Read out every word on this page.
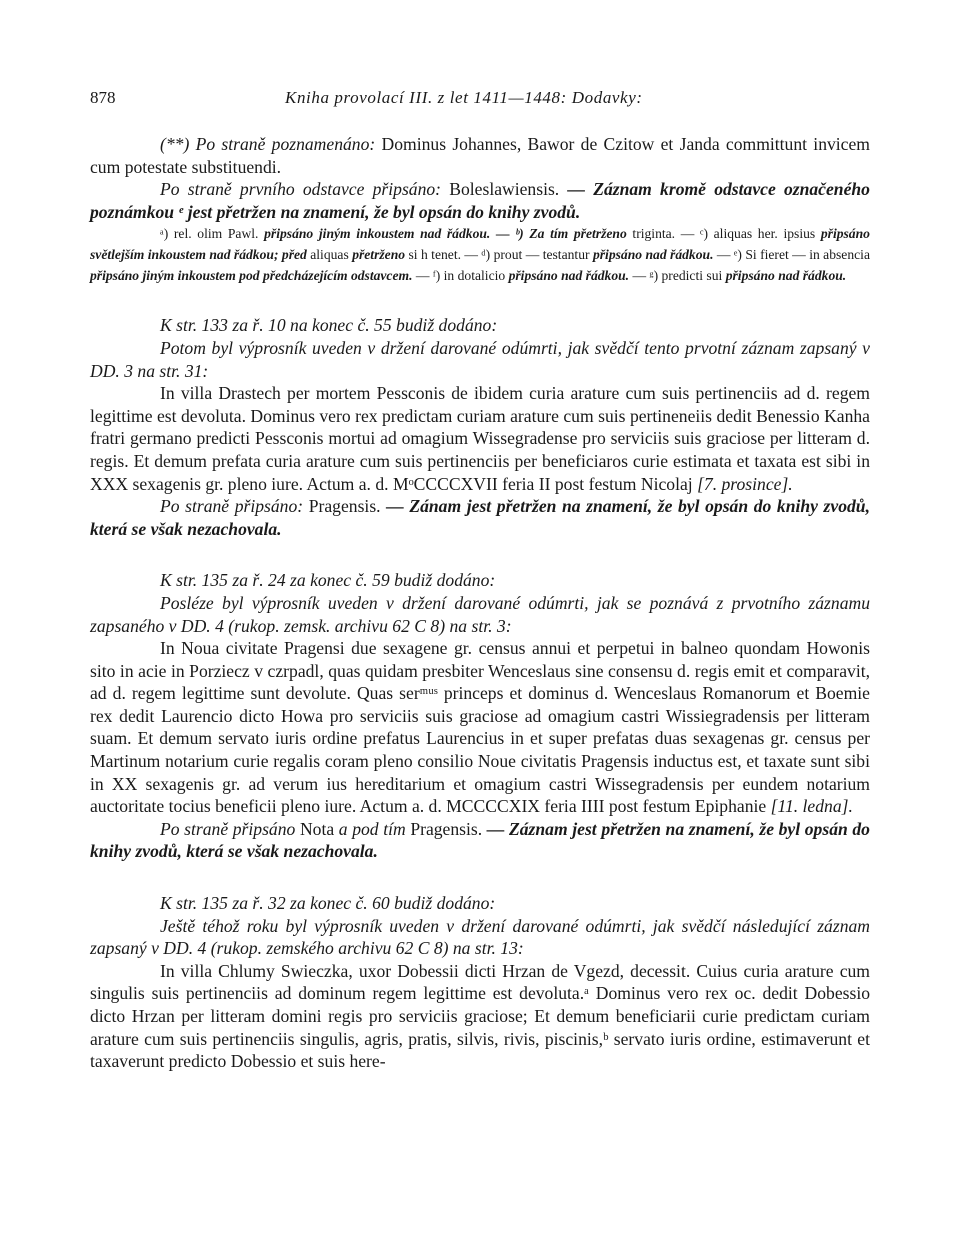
878	Kniha provolací III. z let 1411—1448: Dodavky:

(**) Po straně poznamenáno: Dominus Johannes, Bawor de Czitow et Janda committunt invicem cum potestate substituendi.

Po straně prvního odstavce připsáno: Boleslawiensis. — Záznam kromě odstavce označeného poznámkou ᵉ jest přetržen na znamení, že byl opsán do knihy zvodů.

ᵃ) rel. olim Pawl. připsáno jiným inkoustem nad řádkou. — ᵇ) Za tím přetrženo triginta. — ᶜ) aliquas her. ipsius připsáno světlejším inkoustem nad řádkou; před aliquas přetrženo si h tenet. — ᵈ) prout — testantur připsáno nad řádkou. — ᵉ) Si fieret — in absencia připsáno jiným inkoustem pod předcházejícím odstavcem. — ᶠ) in dotalicio připsáno nad řádkou. — ᵍ) predicti sui připsáno nad řádkou.

K str. 133 za ř. 10 na konec č. 55 budiž dodáno:

Potom byl výprosník uveden v držení darované odúmrti, jak svědčí tento prvotní záznam zapsaný v DD. 3 na str. 31:

In villa Drastech per mortem Pessconis de ibidem curia arature cum suis pertinenciis ad d. regem legittime est devoluta. Dominus vero rex predictam curiam arature cum suis pertineneiis dedit Benessio Kanha fratri germano predicti Pessconis mortui ad omagium Wissegradense pro serviciis suis graciose per litteram d. regis. Et demum prefata curia arature cum suis pertinenciis per beneficiaros curie estimata et taxata est sibi in XXX sexagenis gr. pleno iure. Actum a. d. MᵒCCCCXVII feria II post festum Nicolaj [7. prosince].

Po straně připsáno: Pragensis. — Zánam jest přetržen na znamení, že byl opsán do knihy zvodů, která se však nezachovala.

K str. 135 za ř. 24 za konec č. 59 budiž dodáno:

Posléze byl výprosník uveden v držení darované odúmrti, jak se poznává z prvotního záznamu zapsaného v DD. 4 (rukop. zemsk. archivu 62 C 8) na str. 3:

In Noua civitate Pragensi due sexagene gr. census annui et perpetui in balneo quondam Howonis sito in acie in Porziecz v czrpadl, quas quidam presbiter Wenceslaus sine consensu d. regis emit et comparavit, ad d. regem legittime sunt devolute. Quas serᵐᵘˢ princeps et dominus d. Wenceslaus Romanorum et Boemie rex dedit Laurencio dicto Howa pro serviciis suis graciose ad omagium castri Wissiegradensis per litteram suam. Et demum servato iuris ordine prefatus Laurencius in et super prefatas duas sexagenas gr. census per Martinum notarium curie regalis coram pleno consilio Noue civitatis Pragensis inductus est, et taxate sunt sibi in XX sexagenis gr. ad verum ius hereditarium et omagium castri Wissegradensis per eundem notarium auctoritate tocius beneficii pleno iure. Actum a. d. MCCCCXIX feria IIII post festum Epiphanie [11. ledna].

Po straně připsáno Nota a pod tím Pragensis. — Záznam jest přetržen na znamení, že byl opsán do knihy zvodů, která se však nezachovala.

K str. 135 za ř. 32 za konec č. 60 budiž dodáno:

Ještě téhož roku byl výprosník uveden v držení darované odúmrti, jak svědčí následující záznam zapsaný v DD. 4 (rukop. zemského archivu 62 C 8) na str. 13:

In villa Chlumy Swieczka, uxor Dobessii dicti Hrzan de Vgezd, decessit. Cuius curia arature cum singulis suis pertinenciis ad dominum regem legittime est devoluta.ᵃ Dominus vero rex oc. dedit Dobessio dicto Hrzan per litteram domini regis pro serviciis graciose; Et demum beneficiarii curie predictam curiam arature cum suis pertinenciis singulis, agris, pratis, silvis, rivis, piscinis,ᵇ servato iuris ordine, estimaverunt et taxaverunt predicto Dobessio et suis here-
